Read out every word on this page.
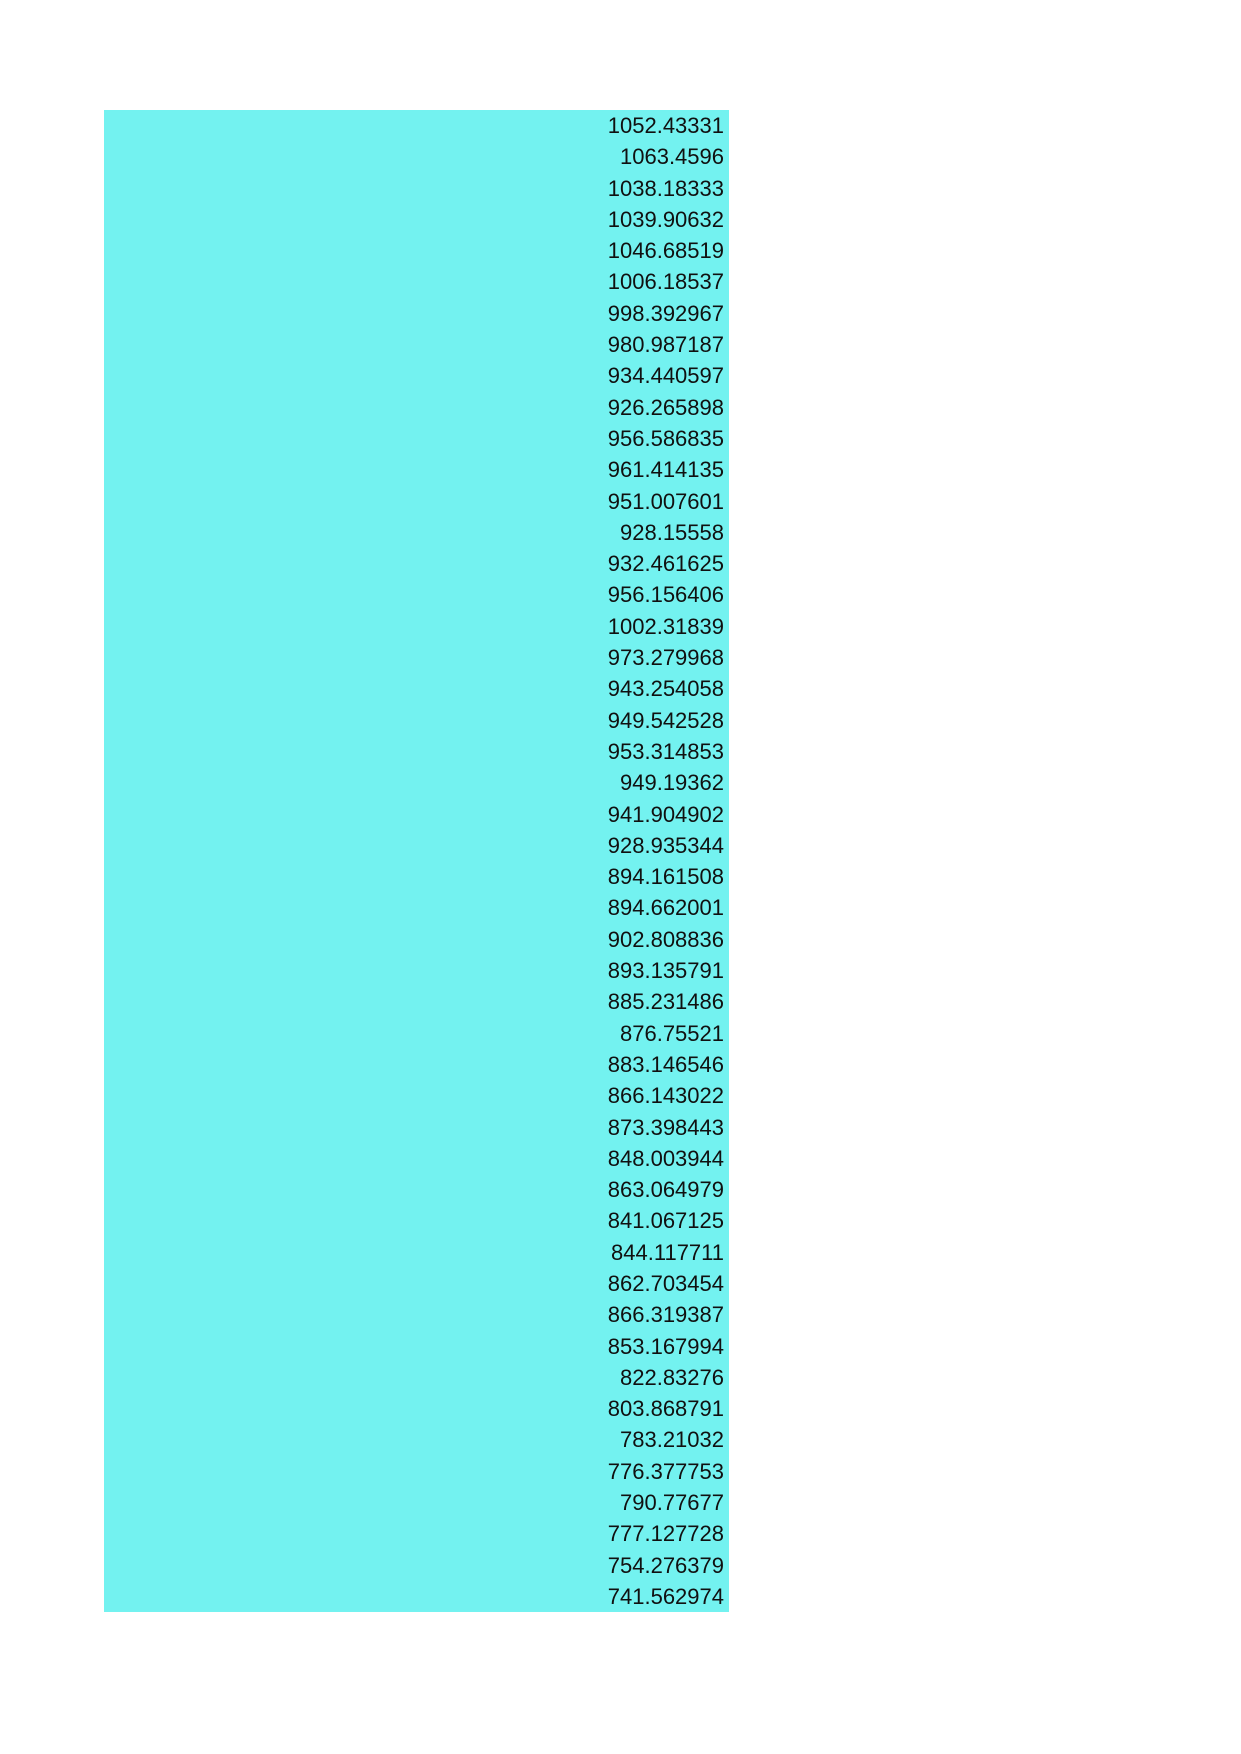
1052.43331
1063.4596
1038.18333
1039.90632
1046.68519
1006.18537
998.392967
980.987187
934.440597
926.265898
956.586835
961.414135
951.007601
928.15558
932.461625
956.156406
1002.31839
973.279968
943.254058
949.542528
953.314853
949.19362
941.904902
928.935344
894.161508
894.662001
902.808836
893.135791
885.231486
876.75521
883.146546
866.143022
873.398443
848.003944
863.064979
841.067125
844.117711
862.703454
866.319387
853.167994
822.83276
803.868791
783.21032
776.377753
790.77677
777.127728
754.276379
741.562974
